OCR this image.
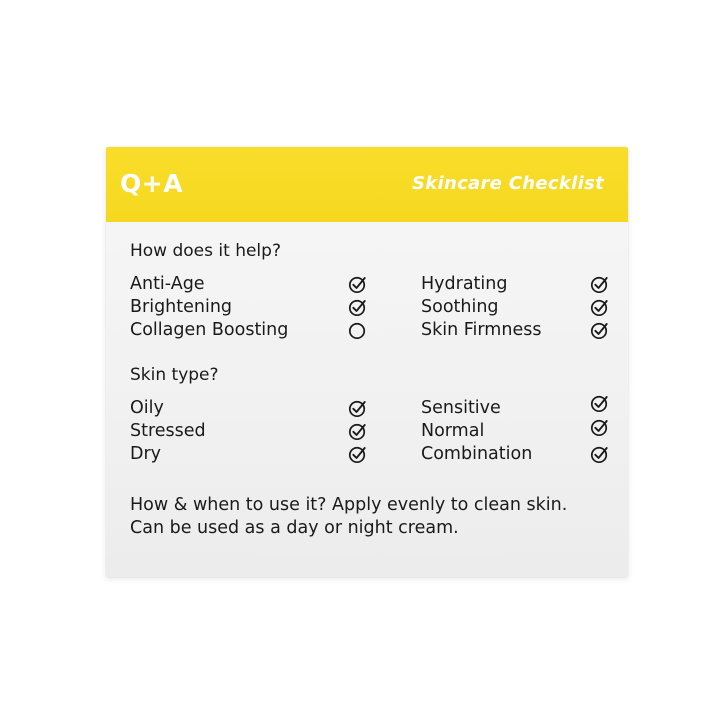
Q+A	Skincare Checklist
How does it help?
Anti-Age
Brightening
Collagen Boosting
Hydrating
Soothing
Skin Firmness
Skin type?
Oily
Stressed
Dry
Sensitive
Normal
Combination
How & when to use it? Apply evenly to clean skin.
Can be used as a day or night cream.
